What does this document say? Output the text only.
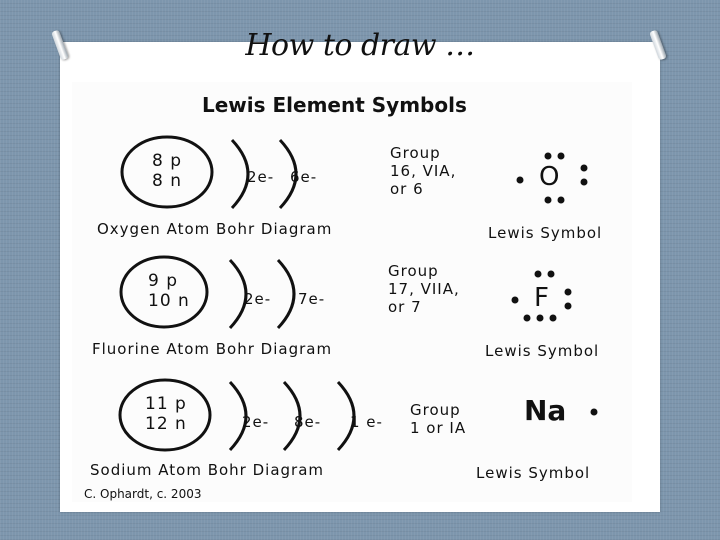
How to draw …
Lewis Element Symbols
8 p
8 n	2e- 6e-
Group
16, VIA,
or 6	O
Oxygen Atom Bohr Diagram	Lewis Symbol
9 p
10 n	2e- 7e-
Group
17, VIIA,
or 7	F
Fluorine Atom Bohr Diagram	Lewis Symbol
11 p
12 n	2e- 8e- 1 e-
Group
1 or IA
Na
Sodium Atom Bohr Diagram	Lewis Symbol
C. Ophardt, c. 2003
